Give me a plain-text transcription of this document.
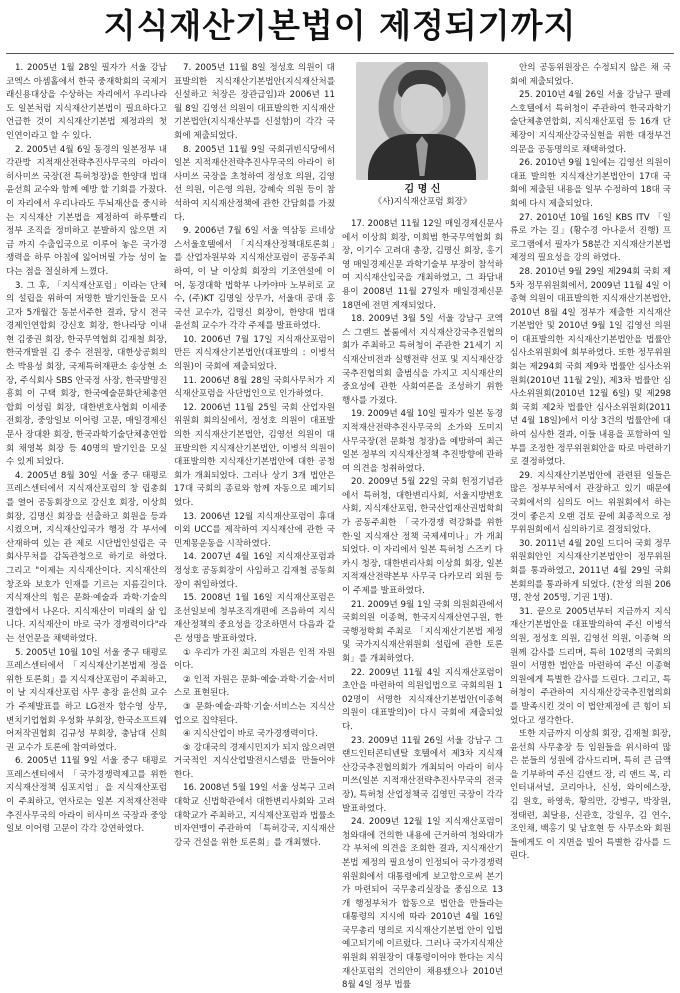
지식재산기본법이 제정되기까지

1. 2005년 1월 28일 필자가 서울 강남 코엑스 아셈홀에서 한국 중재학회의 국제거래신용대상을 수상하는 자리에서 우리나라도 일본처럼 지식재산기본법이 필요하다고 언급한 것이 지식재산기본법 제정과의 첫 인연이라고 할 수 있다.

2. 2005년 4월 6일 동경의 일본정부 내각관방 지적재산전략추진사무국의 아라이 히사미쓰 국장(전 특허청장)을 한양대 법대 윤선희 교수와 함께 예방 할 기회를 가졌다. 이 자리에서 우리나라도 두뇌재산을 중시하는 지식재산 기본법을 제정하여 하루빨리 정부 조직을 정비하고 분발하지 않으면 지금 까지 수출입국으로 이루어 놓은 국가경쟁력을 하루 아침에 잃어버릴 가능 성이 높다는 점을 절실하게 느꼈다.

3. 그 후, 「지식재산포럼」이라는 단체의 설립을 위하여 저명한 발기인들을 모시고자 5개월간 동분서주한 결과, 당시 전국경제인연합회 강신호 회장, 한나라당 이내현 김중권 회장, 한국무역협회 김재철 회장, 한국개발원 김 중수 전원장, 대한상공회의소 박용성 회장, 국제특허재판소 송상현 소장, 주식회사 SBS 안국정 사장, 한국발명진흥회 이 구택 회장, 한국예술문화단체총연합회 이성림 회장, 대한변호사협회 이세중 전회장, 중앙일보 이어령 고문, 매일경제신문사 장대환 회장, 한국과학기술단체총연합회 채영복 회장 등 40명의 발기인을 모실 수 있게 되었다.

4. 2005년 8월 30일 서울 중구 태평로 프레스센터에서 지식재산포럼의 창 립총회를 열어 공동회장으로 강신호 회장, 이상희 회장, 김명신 회장을 선출하고 회원을 등과시켰으며, 지식재산입국가 행정 각 부서에 산재하여 있는 관 제로 시단법인설립은 국회사무처를 감독관청으로 하기로 하였다. 그리고 "이제는 지식재산이다. 지식재산의 창조와 보호가 인재를 기르는 지름길이다. 지식재산의 힘은 문화·예술과 과학·기술의 결합에서 나온다. 지식재산이 미래의 삶 입니다. 지식재산이 바로 국가 경쟁력이다"라는 선언문을 채택하였다.

5. 2005년 10월 10일 서울 중구 태평로 프레스센터에서 「지식재산기본법제 정을 위한 토론회」를 지식재산포럼이 주최하고, 이 날 지식재산포럼 사무 총장 윤선희 교수가 주제발표를 하고 LG전자 함수영 상무, 변치기업협회 우성화 부회장, 한국소프트웨어저작권협회 김규성 부회장, 충남대 신희권 교수가 토론에 참여하였다.

6. 2005년 11월 9일 서울 중구 태평로 프레스센터에서 「국가경쟁력제고를 위한 지식재산정책 심포지엄」을 지식재산포럼이 주최하고, 연사로는 일본 지적재산전략추진사무국의 아라이 히사미쓰 국장과 중앙일보 이어령 고문이 각각 강연하였다.

7. 2005년 11월 8일 정성호 의원이 대표발의한 지식재산기본법안(지식재산처를 신설하고 처장은 장관급임)과 2006년 11월 8일 김영선 의원이 대표발의한 지식재산기본법안(지식재산부를 신설함)이 각각 국회에 제출되었다.

8. 2005년 11월 9일 국회귀빈식당에서 일본 지적재산전략추진사무국의 아라이 히사미쓰 국장을 초청하여 정성호 의원, 김영선 의원, 이은영 의원, 강혜숙 의원 등이 참석하여 지식재산정책에 관한 간담회를 가졌다.

9. 2006년 7월 6일 서울 역삼동 르네상스서울호텔에서 「지식재산정책대토론회」를 산업자원부와 지식재산포럼이 공동주최하여, 이 날 이상희 회장의 기조연설에 이어, 동경대학 법학부 나카야마 노부히로 교수, (주)KT 김명일 상무가, 서울대 공대 홍국선 교수가, 김명신 회장이, 한양대 법대 윤선희 교수가 각각 주제를 발표하였다.

10. 2006년 7월 17일 지식재산포럼이 만든 지식재산기본법안(대표발의 : 이병석 의원)이 국회에 제출되었다.

11. 2006년 8월 28일 국회사무처가 지식재산포럼을 사단법인으로 인가하였다.

12. 2006년 11월 25일 국회 산업자원위원회 회의실에서, 정성호 의원이 대표발의한 지식재산기본법안, 김영선 의원이 대표발의한 지식재산기본법안, 이병석 의원이 대표발의한 지식재산기본법안에 대한 공청회가 개최되었다. 그러나 상기 3개 법안은 17대 국회의 종료와 함께 자동으로 폐기되었다.

13. 2006년 12월 지식재산포럼이 휴대이외 UCC를 제작하여 지식재산에 관한 국민계몽운동을 시작하였다.

14. 2007년 4월 16일 지식재산포럼과 정성호 공동회장이 사임하고 김재철 공동회장이 취임하였다.

15. 2008년 1월 16일 지식재산포럼은 조선일보에 청부조직개편에 즈음하여 지식재산정책의 중요성을 강조하면서 다음과 같은 성명을 발표하였다.

① 우리가 가진 최고의 자원은 인적 자원이다.

② 인적 자원은 문화·예술·과학·기술·서비스로 표현된다.

③ 문화·예술·과학·기술·서비스는 지식산업으로 집약된다.

④ 지식산업이 바로 국가경쟁력이다.

⑤ 강대국의 경제시민지가 되지 않으려면 거국적인 지식산업발전시스템을 만들어야 한다.

16. 2008년 5월 19일 서울 성북구 고려대학교 신법학관에서 대한변리사회와 고려대학교가 주최하고, 지식재산포럼과 법률소비자연맹이 주관하여 「특허강국, 지식재산강국 건설을 위한 토론회」를 개최했다.

김 명 신
《사)지식재산포럼 회장》

17. 2008년 11월 12일 매일경제신문사에서 이상희 회장, 이희범 한국무역협회 회장, 이기수 고려대 총장, 김명신 회장, 홍기영 매일경제신문 과학기술부 부장이 참석하여 지식재산입국을 개최하였고, 그 좌담내용이 2008년 11월 27일자 매일경제신문 18면에 전면 게재되었다.

18. 2009년 3월 5일 서울 강남구 코엑스 그랜드 볼룸에서 지식재산강국추진협의회가 주최하고 특허청이 주관한 21세기 지식재산비전과 실행전략 선포 및 지식재산강국추진협의회 출범식을 가지고 지식재산의 중요성에 관한 사회여론을 조성하기 위한 행사를 가졌다.

19. 2009년 4월 10일 필자가 일본 동경 지적재산전략추진사무국의 소가와 도미지 사무국장(전 문화청 청장)을 예방하여 최근 일본 정부의 지식재산정책 추진방향에 관하여 의견을 청취하였다.

20. 2009년 5월 22일 국회 헌정기념관에서 특허청, 대한변리사회, 서울지방변호사회, 지식재산포럼, 한국산업재산권법학회가 공동주최한 「국가경쟁 력강화를 위한 한·일 지식재산 정책 국제세미나」가 개최되었다. 이 자리에서 일본 특허청 스즈키 다카시 청장, 대한변리사회 이상희 회장, 일본 지적재산전략본부 사무국 다카모리 외원 등이 주제를 발표하였다.

21. 2009년 9월 1일 국회 의원회관에서 국회의원 이종혁, 한국지식재산연구원, 한국행정학회 주최로 「지식재산기본법 제정 및 국가지식재산위원회 설립에 관한 토론회」를 개최하였다.

22. 2009년 11월 4일 지식재산포럼이 초안을 마련하여 의원입법으로 국회의원 102명이 서명한 지식재산기본법안(이종혁 의원이 대표발의)이 다시 국회에 제출되었다.

23. 2009년 11월 26일 서울 강남구 그랜드인터콘티넨탈 호텔에서 제3차 지식재산강국추진협의회가 개최되어 아라이 히사미쓰(일본 지적재산전략추진사무국의 전국장), 특허청 산업정책국 김영민 국장이 각각 발표하였다.

24. 2009년 12월 1일 지식재산포럼이 청와대에 건의한 내용에 근거하여 청와대가 각 부처에 의견을 조회한 결과, 지식재산기본법 제정의 필요성이 인정되어 국가경쟁력위원회에서 대통령에게 보고함으로써 본기가 마련되어 국무총리실장을 중심으로 13개 행정부처가 합동으로 법안을 만들라는 대통령의 지시에 따라 2010년 4월 16일 국무총리 명의로 지식재산기본법 안이 입법 예고되기에 이르렀다. 그러나 국가지식재산위원회 위원장이 대통령이어야 한다는 지식재산포럼의 건의안이 채용됐으나 2010년 8월 4일 정부 법률

안의 공동위원장은 수정되지 않은 채 국회에 제출되었다.

25. 2010년 4월 26일 서울 강남구 팔레스호텔에서 특허청이 주관하여 한국과학기술단체총연합회, 지식재산포럼 등 16개 단체장이 지식재산강국실현을 위한 대정부건의문을 공동명의로 채택하였다.

26. 2010년 9월 1일에는 김영선 의원이 대표 발의한 지식재산기본법안이 17대 국회에 제출된 내용을 일부 수정하여 18대 국회에 다시 제출되었다.

27. 2010년 10월 16일 KBS ITV 「일류로 가는 길」(황수경 아나운서 진행) 프로그램에서 필자가 58분간 지식재산기본법 제정의 필요성을 강의 하였다.

28. 2010년 9월 29일 제294회 국회 제5차 정무위원회에서, 2009년 11월 4일 이종혁 의원이 대표발의한 지식재산기본법안, 2010년 8월 4일 정부가 제출한 지식재산기본법안 및 2010년 9월 1일 김영선 의원이 대표발의한 지식재산기본법안을 법률안 심사소위원회에 회부하였다. 또한 정무위원회는 제294회 국회 제9차 법률안 심사소위원회(2010년 11월 2일), 제3차 법률안 심사소위원회(2010년 12월 6일) 및 제298회 국회 제2차 법률안 심사소위원회(2011년 4월 18일)에서 이상 3건의 법률안에 대하여 심사한 결과, 이들 내용을 포함하여 일부를 조정한 정무위원회안을 따로 마련하기로 결정하였다.

29. 지식재산기본법안에 관련된 일들은 많은 정부부처에서 관장하고 있기 때문에 국회에서의 심의도 어느 위원회에서 하는 것이 좋은지 오랜 검토 끝에 최종적으로 정무위원회에서 심의하기로 결정되었다.

30. 2011년 4월 20일 드디어 국회 정무위원회안인 지식재산기본법안이 정무위원회를 통과하였고, 2011년 4월 29일 국회 본회의를 통과하게 되었다. (찬성 의원 206명, 찬성 205명, 기권 1명).

31. 끝으로 2005년부터 지금까지 지식재산기본법안을 대표발의하여 주신 이병석 의원, 정성호 의원, 김영선 의원, 이종혁 의원께 감사를 드리며, 특히 102명의 국회의원이 서명한 법안을 마련하여 주신 이종혁 의원에게 특별한 감사를 드린다. 그리고, 특허청이 주관하여 지식재산강국추진협의회를 발족시킨 것이 이 법안제정에 큰 힘이 되었다고 생각한다.

또한 지금까지 이상희 회장, 김재철 회장, 윤선희 사무총장 등 임원들을 위시하여 많은 분들의 성원에 감사드리며, 특히 큰 금액을 기부하여 주신 김앤드 장, 리 앤드 목, 리 인터내셔널, 코리아나, 신성, 와이에스장, 김 원호, 하영욱, 황의만, 강병구, 박장원, 정태련, 최달용, 신관호, 강일우, 김 연수, 조인채, 백홍기 및 남호현 등 사무소와 회원들에게도 이 지면을 빌어 특별한 감사를 드린다.
